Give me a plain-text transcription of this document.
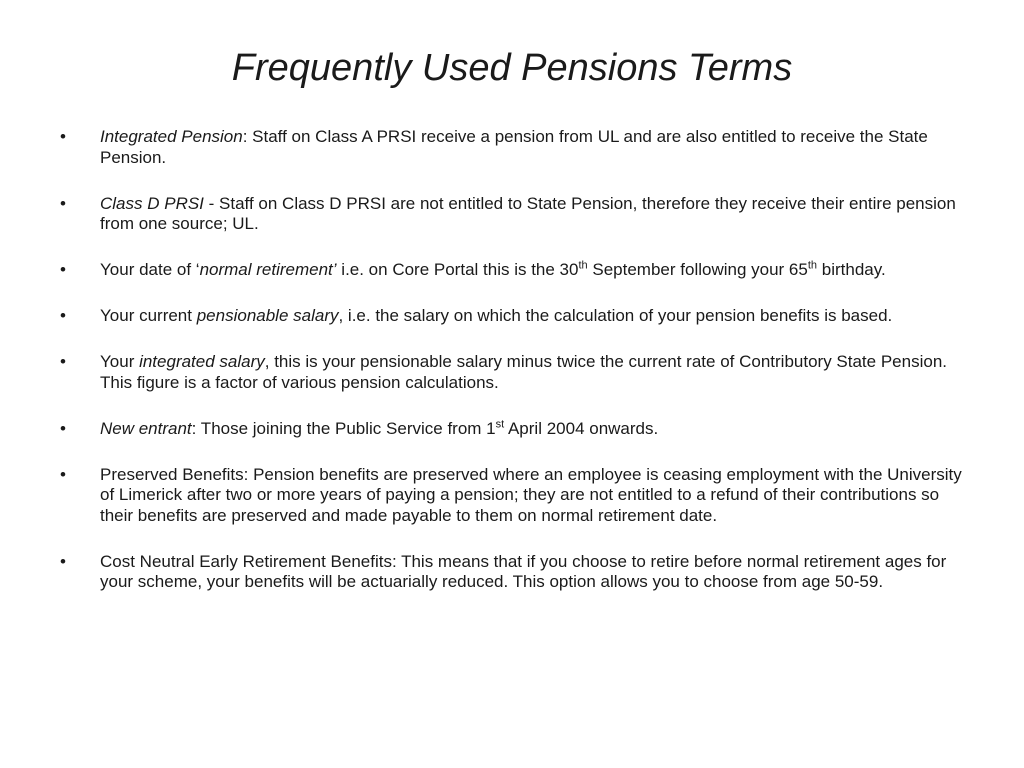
Frequently Used Pensions Terms
• Integrated Pension: Staff on Class A PRSI receive a pension from UL and are also entitled to receive the State Pension.
• Class D PRSI - Staff on Class D PRSI are not entitled to State Pension, therefore they receive their entire pension from one source; UL.
• Your date of ‘normal retirement’ i.e. on Core Portal this is the 30th September following your 65th birthday.
• Your current pensionable salary, i.e. the salary on which the calculation of your pension benefits is based.
• Your integrated salary, this is your pensionable salary minus twice the current rate of Contributory State Pension. This figure is a factor of various pension calculations.
• New entrant: Those joining the Public Service from 1st April 2004 onwards.
• Preserved Benefits: Pension benefits are preserved where an employee is ceasing employment with the University of Limerick after two or more years of paying a pension; they are not entitled to a refund of their contributions so their benefits are preserved and made payable to them on normal retirement date.
• Cost Neutral Early Retirement Benefits: This means that if you choose to retire before normal retirement ages for your scheme, your benefits will be actuarially reduced. This option allows you to choose from age 50-59.
